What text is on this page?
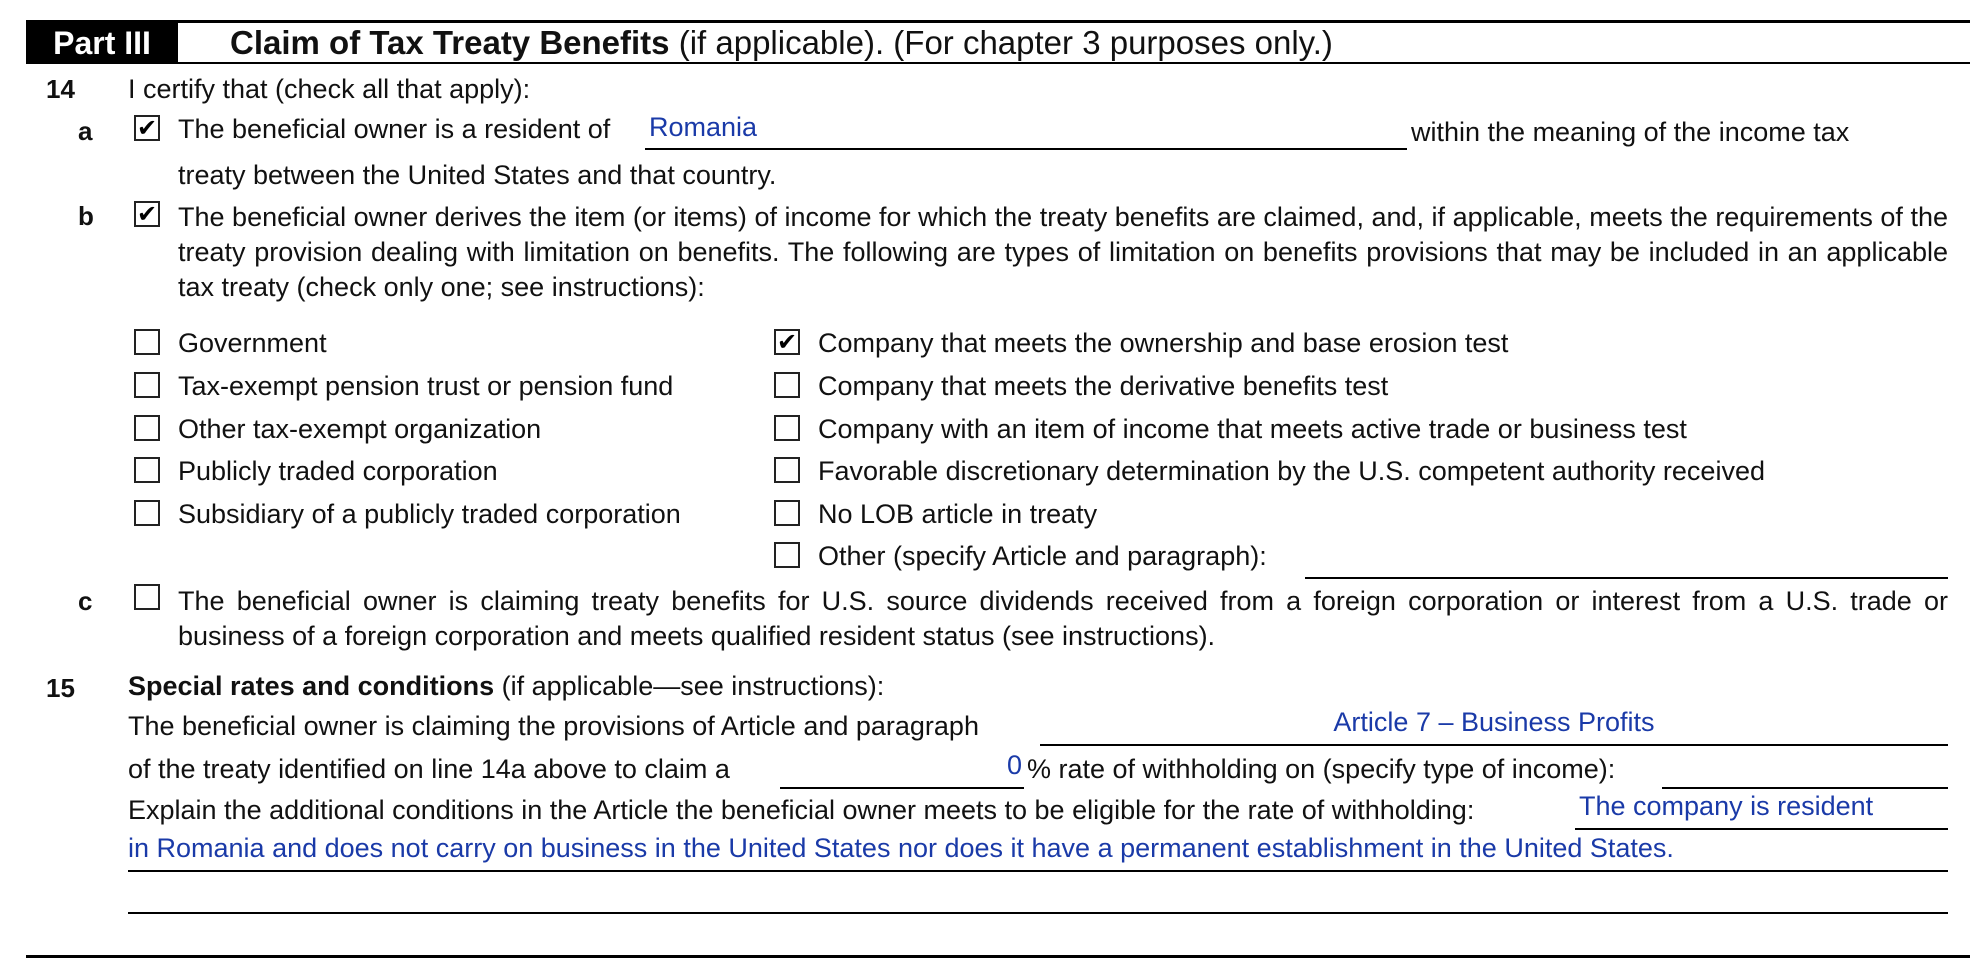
Part III	Claim of Tax Treaty Benefits (if applicable). (For chapter 3 purposes only.)
14 I certify that (check all that apply):
a ✔ The beneficial owner is a resident of Romania	within the meaning of the income tax
treaty between the United States and that country.
b ✔ The beneficial owner derives the item (or items) of income for which the treaty benefits are claimed, and, if applicable, meets the requirements of the treaty provision dealing with limitation on benefits. The following are types of limitation on benefits provisions that may be included in an applicable tax treaty (check only one; see instructions):
Government
Tax-exempt pension trust or pension fund
Other tax-exempt organization
Publicly traded corporation
Subsidiary of a publicly traded corporation
✔ Company that meets the ownership and base erosion test
Company that meets the derivative benefits test
Company with an item of income that meets active trade or business test
Favorable discretionary determination by the U.S. competent authority received
No LOB article in treaty
Other (specify Article and paragraph):
c	The beneficial owner is claiming treaty benefits for U.S. source dividends received from a foreign corporation or interest from a U.S. trade or business of a foreign corporation and meets qualified resident status (see instructions).
15 Special rates and conditions (if applicable—see instructions):
The beneficial owner is claiming the provisions of Article and paragraph	Article 7 – Business Profits
of the treaty identified on line 14a above to claim a	0 % rate of withholding on (specify type of income):
Explain the additional conditions in the Article the beneficial owner meets to be eligible for the rate of withholding:	The company is resident
in Romania and does not carry on business in the United States nor does it have a permanent establishment in the United States.
